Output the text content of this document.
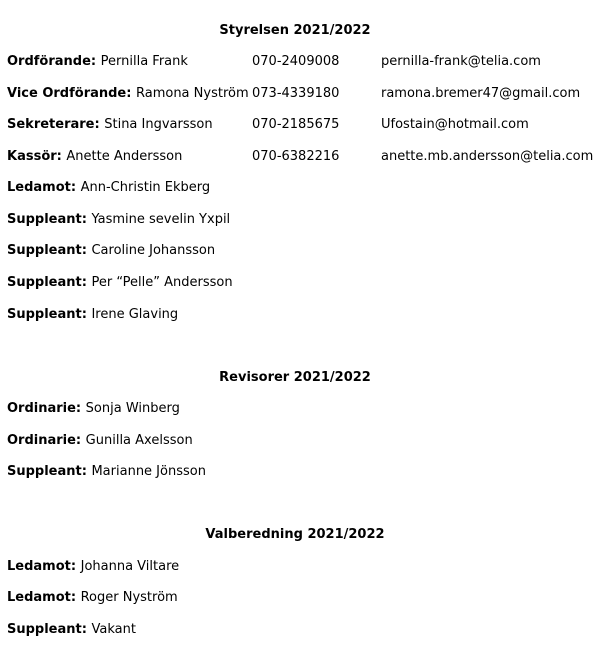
Styrelsen 2021/2022
Ordförande: Pernilla Frank	070-2409008	pernilla-frank@telia.com
Vice Ordförande: Ramona Nyström 073-4339180	ramona.bremer47@gmail.com
Sekreterare: Stina Ingvarsson	070-2185675	Ufostain@hotmail.com
Kassör: Anette Andersson	070-6382216	anette.mb.andersson@telia.com
Ledamot: Ann-Christin Ekberg
Suppleant: Yasmine sevelin Yxpil
Suppleant: Caroline Johansson
Suppleant: Per “Pelle” Andersson
Suppleant: Irene Glaving
Revisorer 2021/2022
Ordinarie: Sonja Winberg
Ordinarie: Gunilla Axelsson
Suppleant: Marianne Jönsson
Valberedning 2021/2022
Ledamot: Johanna Viltare
Ledamot: Roger Nyström
Suppleant: Vakant
